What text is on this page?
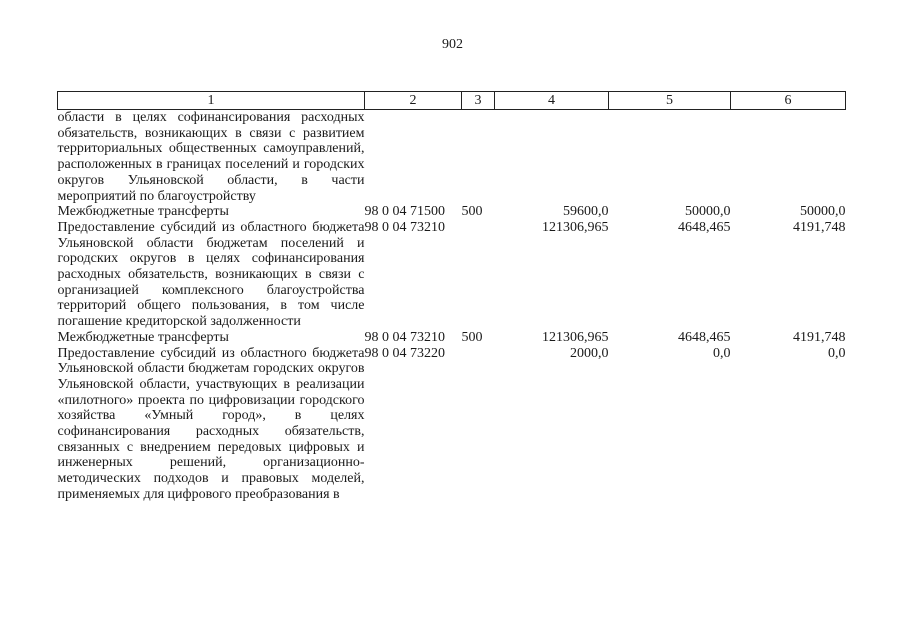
902
1	2	3	4	5	6
области в целях софинансирования расходных обязательств, возникающих в связи с развитием территориальных общественных самоуправлений, расположенных в границах поселений и городских округов Ульяновской области, в части мероприятий по благоустройству					
Межбюджетные трансферты	98 0 04 71500	500	59600,0	50000,0	50000,0
Предоставление субсидий из областного бюджета Ульяновской области бюджетам поселений и городских округов в целях софинансирования расходных обязательств, возникающих в связи с организацией комплексного благоустройства территорий общего пользования, в том числе погашение кредиторской задолженности	98 0 04 73210		121306,965	4648,465	4191,748
Межбюджетные трансферты	98 0 04 73210	500	121306,965	4648,465	4191,748
Предоставление субсидий из областного бюджета Ульяновской области бюджетам городских округов Ульяновской области, участвующих в реализации «пилотного» проекта по цифровизации городского хозяйства «Умный город», в целях софинансирования расходных обязательств, связанных с внедрением передовых цифровых и инженерных решений, организационно-методических подходов и правовых моделей, применяемых для цифрового преобразования в	98 0 04 73220		2000,0	0,0	0,0
